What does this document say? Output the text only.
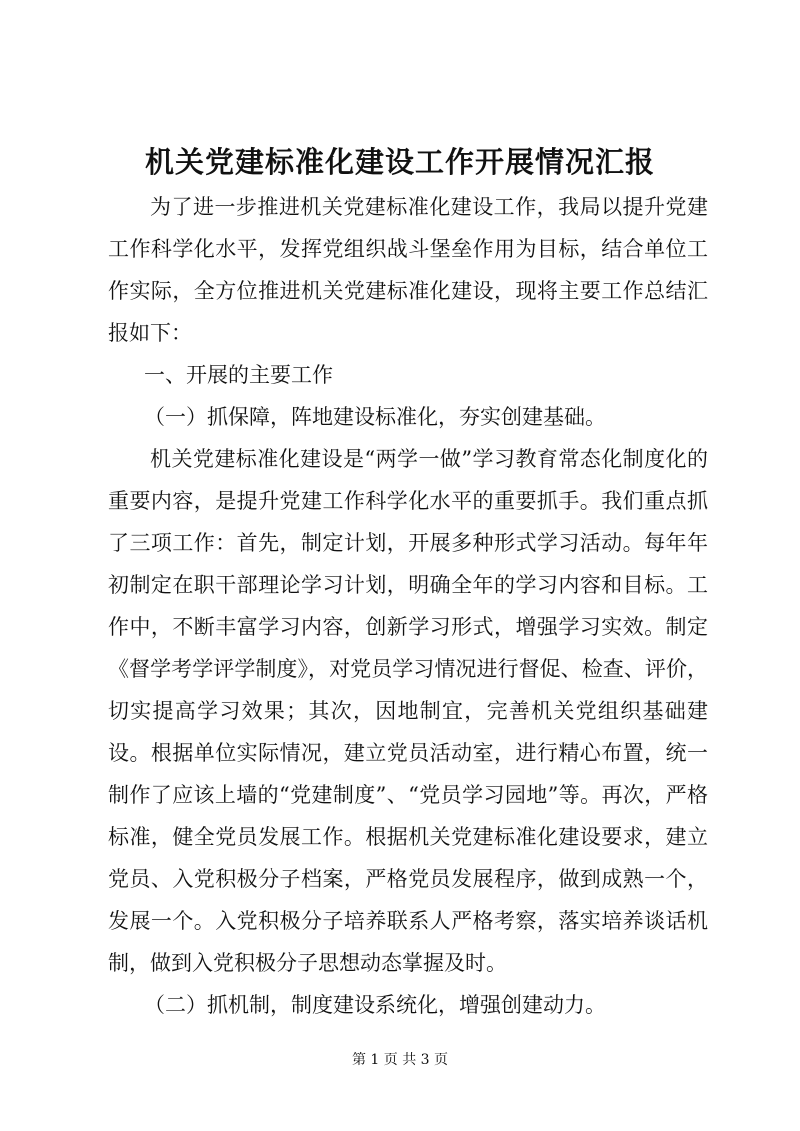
机关党建标准化建设工作开展情况汇报

为了进一步推进机关党建标准化建设工作，我局以提升党建工作科学化水平，发挥党组织战斗堡垒作用为目标，结合单位工作实际，全方位推进机关党建标准化建设，现将主要工作总结汇报如下：

一、开展的主要工作

（一）抓保障，阵地建设标准化，夯实创建基础。

机关党建标准化建设是“两学一做”学习教育常态化制度化的重要内容，是提升党建工作科学化水平的重要抓手。我们重点抓了三项工作：首先，制定计划，开展多种形式学习活动。每年年初制定在职干部理论学习计划，明确全年的学习内容和目标。工作中，不断丰富学习内容，创新学习形式，增强学习实效。制定《督学考学评学制度》，对党员学习情况进行督促、检查、评价，切实提高学习效果；其次，因地制宜，完善机关党组织基础建设。根据单位实际情况，建立党员活动室，进行精心布置，统一制作了应该上墙的“党建制度”、“党员学习园地”等。再次，严格标准，健全党员发展工作。根据机关党建标准化建设要求，建立党员、入党积极分子档案，严格党员发展程序，做到成熟一个，发展一个。入党积极分子培养联系人严格考察，落实培养谈话机制，做到入党积极分子思想动态掌握及时。

（二）抓机制，制度建设系统化，增强创建动力。

第 1 页 共 3 页
